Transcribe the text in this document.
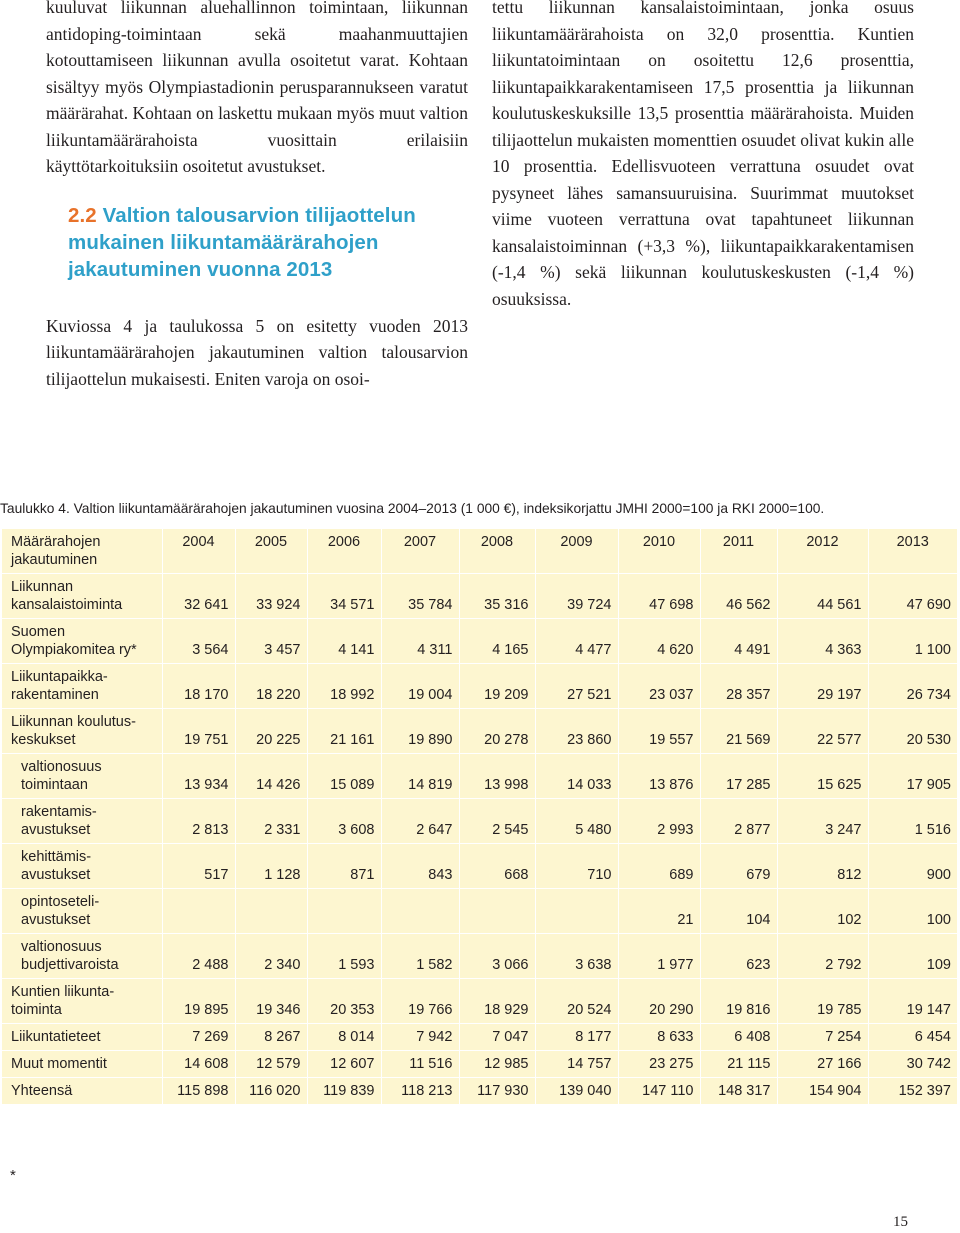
kuuluvat liikunnan aluehallinnon toimintaan, liikunnan antidoping-toimintaan sekä maahanmuuttajien kotouttamiseen liikunnan avulla osoitetut varat. Kohtaan sisältyy myös Olympiastadionin perusparannukseen varatut määrärahat. Kohtaan on laskettu mukaan myös muut valtion liikuntamäärärahoista vuosittain erilaisiin käyttötarkoituksiin osoitetut avustukset.

2.2 Valtion talousarvion tilijaottelun mukainen liikuntamäärärahojen jakautuminen vuonna 2013

Kuviossa 4 ja taulukossa 5 on esitetty vuoden 2013 liikuntamäärärahojen jakautuminen valtion talousarvion tilijaottelun mukaisesti. Eniten varoja on osoi-

tettu liikunnan kansalaistoimintaan, jonka osuus liikuntamäärärahoista on 32,0 prosenttia. Kuntien liikuntatoimintaan on osoitettu 12,6 prosenttia, liikuntapaikkarakentamiseen 17,5 prosenttia ja liikunnan koulutuskeskuksille 13,5 prosenttia määrärahoista. Muiden tilijaottelun mukaisten momenttien osuudet olivat kukin alle 10 prosenttia. Edellisvuoteen verrattuna osuudet ovat pysyneet lähes samansuuruisina. Suurimmat muutokset viime vuoteen verrattuna ovat tapahtuneet liikunnan kansalaistoiminnan (+3,3 %), liikuntapaikkarakentamisen (-1,4 %) sekä liikunnan koulutuskeskusten (-1,4 %) osuuksissa.

Taulukko 4. Valtion liikuntamäärärahojen jakautuminen vuosina 2004–2013 (1 000 €), indeksikorjattu JMHI 2000=100 ja RKI 2000=100.
Määrärahojen jakautuminen	2004	2005	2006	2007	2008	2009	2010	2011	2012	2013
Liikunnan kansalaistoiminta	32 641	33 924	34 571	35 784	35 316	39 724	47 698	46 562	44 561	47 690
Suomen Olympiakomitea ry*	3 564	3 457	4 141	4 311	4 165	4 477	4 620	4 491	4 363	1 100
Liikuntapaikka-rakentaminen	18 170	18 220	18 992	19 004	19 209	27 521	23 037	28 357	29 197	26 734
Liikunnan koulutus-keskukset	19 751	20 225	21 161	19 890	20 278	23 860	19 557	21 569	22 577	20 530
valtionosuus toimintaan	13 934	14 426	15 089	14 819	13 998	14 033	13 876	17 285	15 625	17 905
rakentamis-avustukset	2 813	2 331	3 608	2 647	2 545	5 480	2 993	2 877	3 247	1 516
kehittämis-avustukset	517	1 128	871	843	668	710	689	679	812	900
opintoseteli-avustukset							21	104	102	100
valtionosuus budjettivaroista	2 488	2 340	1 593	1 582	3 066	3 638	1 977	623	2 792	109
Kuntien liikunta-toiminta	19 895	19 346	20 353	19 766	18 929	20 524	20 290	19 816	19 785	19 147
Liikuntatieteet	7 269	8 267	8 014	7 942	7 047	8 177	8 633	6 408	7 254	6 454
Muut momentit	14 608	12 579	12 607	11 516	12 985	14 757	23 275	21 115	27 166	30 742
Yhteensä	115 898	116 020	119 839	118 213	117 930	139 040	147 110	148 317	154 904	152 397
*
15
